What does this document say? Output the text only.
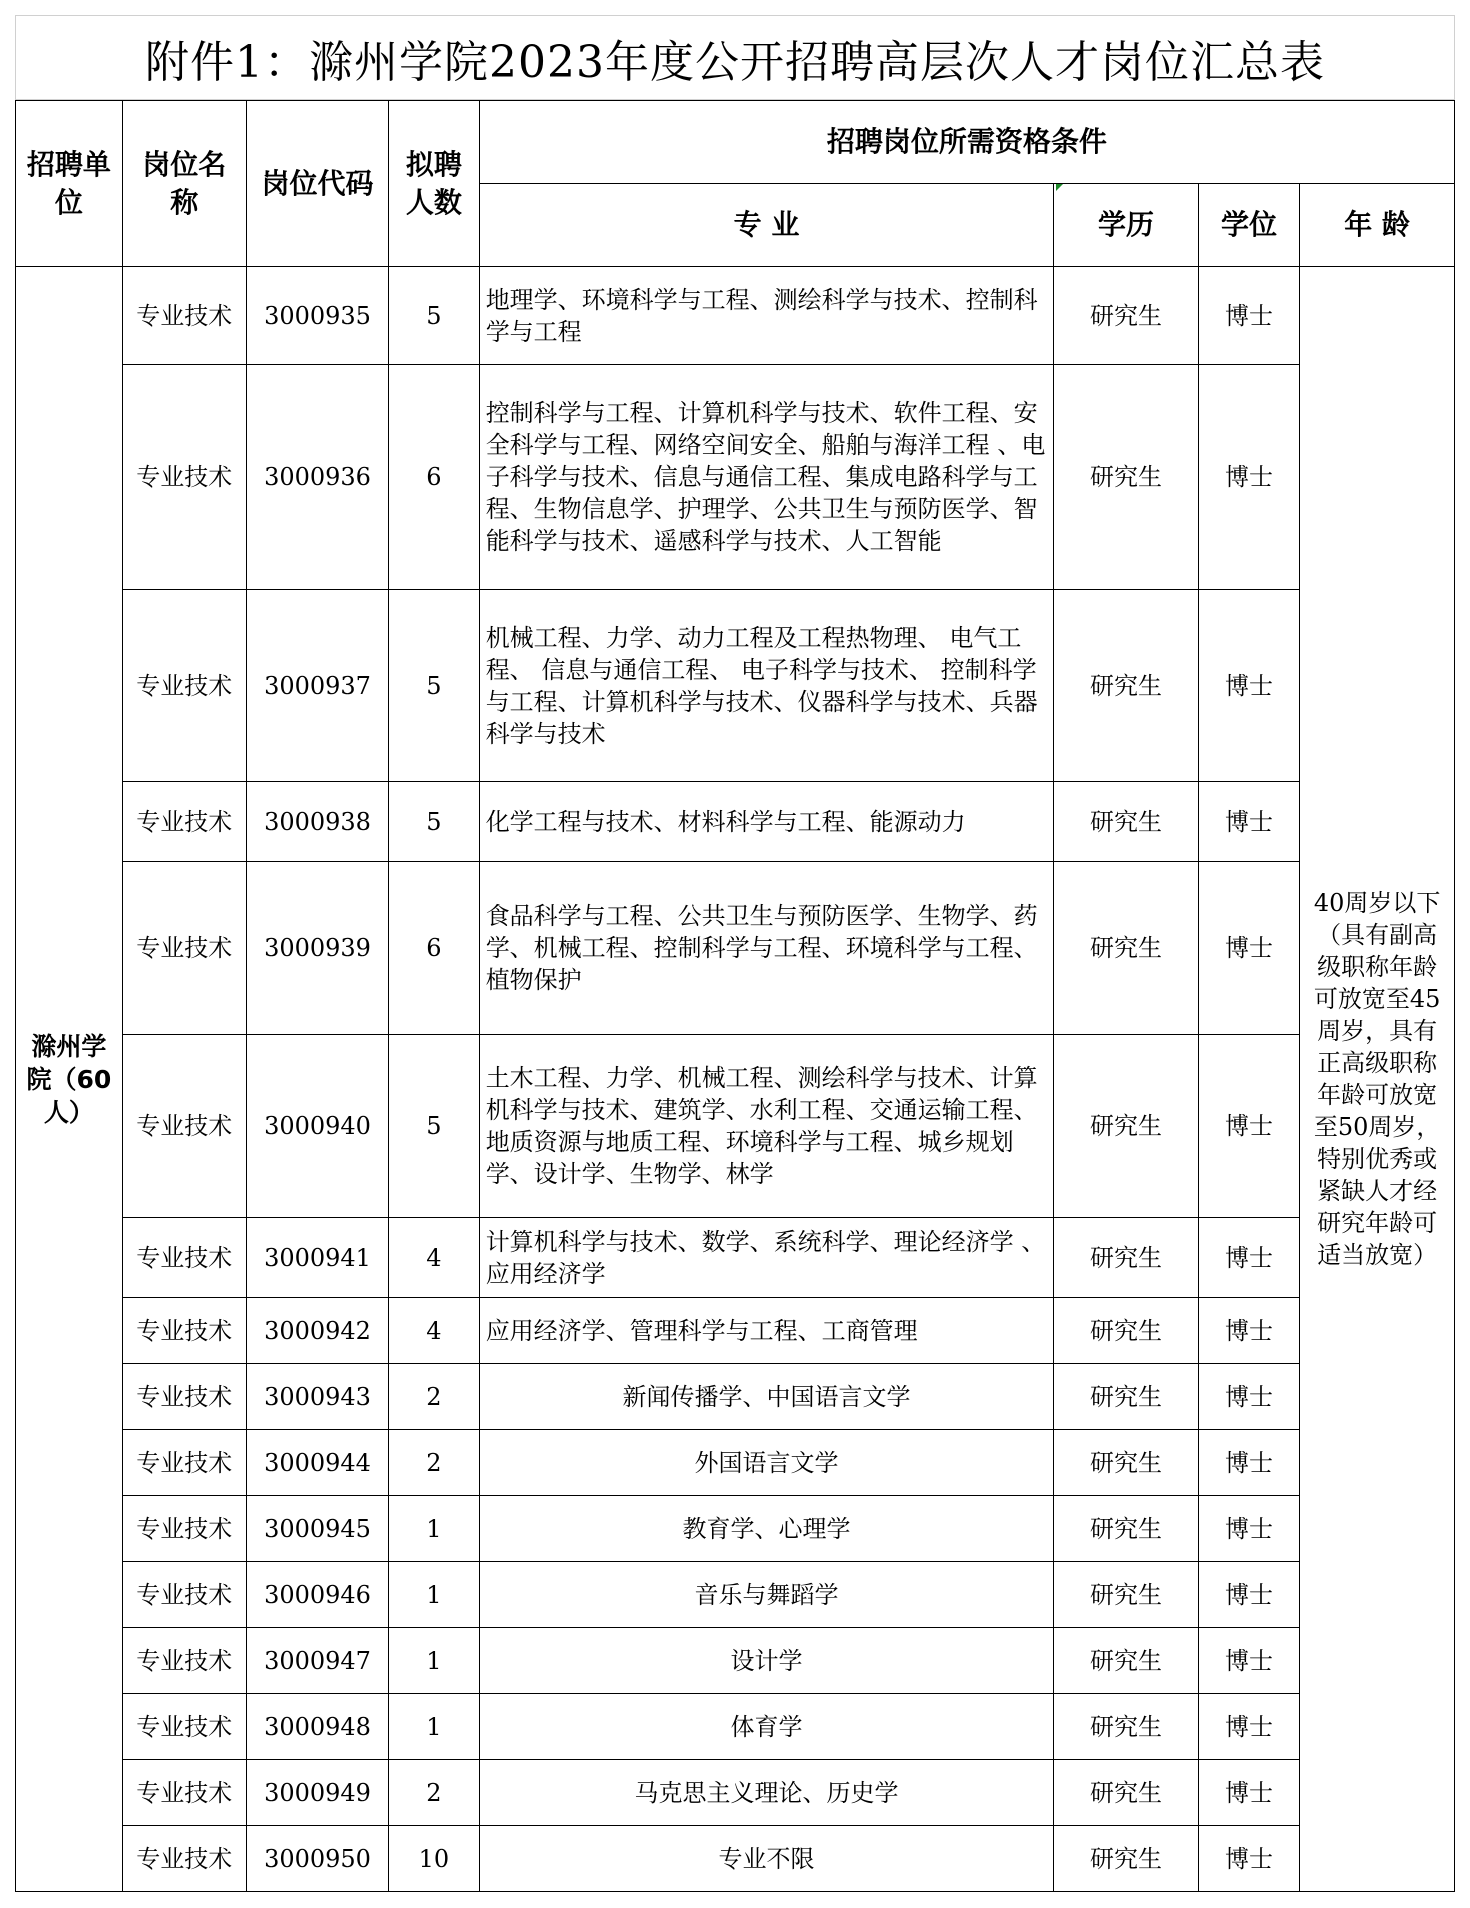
附件1：滁州学院2023年度公开招聘高层次人才岗位汇总表
招聘单位	岗位名称	岗位代码	拟聘人数	招聘岗位所需资格条件			
				专 业	学历	学位	年 龄
滁州学院（60人）	专业技术	3000935	5	地理学、环境科学与工程、测绘科学与技术、控制科学与工程	研究生	博士	40周岁以下（具有副高级职称年龄可放宽至45周岁，具有正高级职称年龄可放宽至50周岁，特别优秀或紧缺人才经研究年龄可适当放宽）
	专业技术	3000936	6	控制科学与工程、计算机科学与技术、软件工程、安全科学与工程、网络空间安全、船舶与海洋工程 、电子科学与技术、信息与通信工程、集成电路科学与工程、生物信息学、护理学、公共卫生与预防医学、智能科学与技术、遥感科学与技术、人工智能	研究生	博士	
	专业技术	3000937	5	机械工程、力学、动力工程及工程热物理、 电气工程、 信息与通信工程、 电子科学与技术、 控制科学与工程、计算机科学与技术、仪器科学与技术、兵器科学与技术	研究生	博士	
	专业技术	3000938	5	化学工程与技术、材料科学与工程、能源动力	研究生	博士	
	专业技术	3000939	6	食品科学与工程、公共卫生与预防医学、生物学、药学、机械工程、控制科学与工程、环境科学与工程、植物保护	研究生	博士	
	专业技术	3000940	5	土木工程、力学、机械工程、测绘科学与技术、计算机科学与技术、建筑学、水利工程、交通运输工程、地质资源与地质工程、环境科学与工程、城乡规划学、设计学、生物学、林学	研究生	博士	
	专业技术	3000941	4	计算机科学与技术、数学、系统科学、理论经济学 、应用经济学	研究生	博士	
	专业技术	3000942	4	应用经济学、管理科学与工程、工商管理	研究生	博士	
	专业技术	3000943	2	新闻传播学、中国语言文学	研究生	博士	
	专业技术	3000944	2	外国语言文学	研究生	博士	
	专业技术	3000945	1	教育学、心理学	研究生	博士	
	专业技术	3000946	1	音乐与舞蹈学	研究生	博士	
	专业技术	3000947	1	设计学	研究生	博士	
	专业技术	3000948	1	体育学	研究生	博士	
	专业技术	3000949	2	马克思主义理论、历史学	研究生	博士	
	专业技术	3000950	10	专业不限	研究生	博士	
